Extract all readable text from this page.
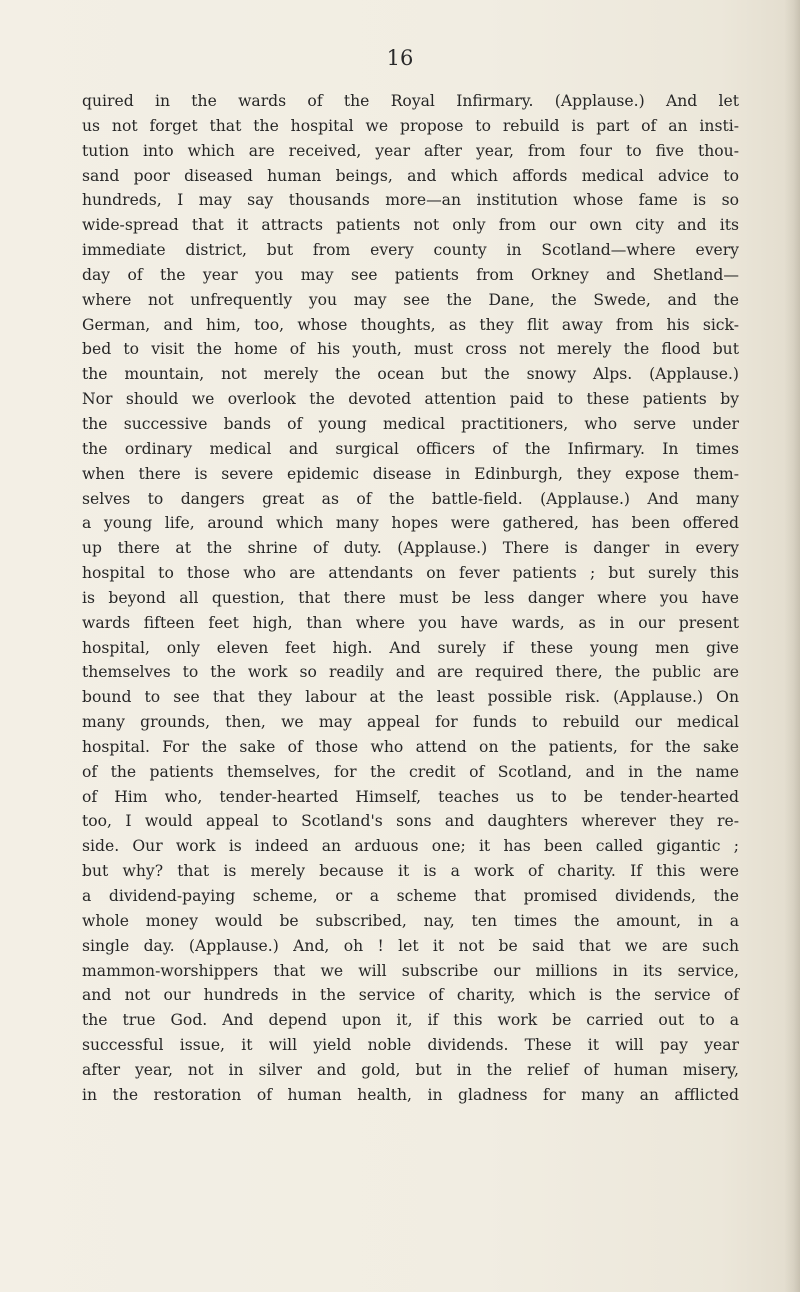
16

quired in the wards of the Royal Infirmary. (Applause.) And let
us not forget that the hospital we propose to rebuild is part of an insti-
tution into which are received, year after year, from four to five thou-
sand poor diseased human beings, and which affords medical advice to
hundreds, I may say thousands more—an institution whose fame is so
wide-spread that it attracts patients not only from our own city and its
immediate district, but from every county in Scotland—where every
day of the year you may see patients from Orkney and Shetland—
where not unfrequently you may see the Dane, the Swede, and the
German, and him, too, whose thoughts, as they flit away from his sick-
bed to visit the home of his youth, must cross not merely the flood but
the mountain, not merely the ocean but the snowy Alps. (Applause.)
Nor should we overlook the devoted attention paid to these patients by
the successive bands of young medical practitioners, who serve under
the ordinary medical and surgical officers of the Infirmary. In times
when there is severe epidemic disease in Edinburgh, they expose them-
selves to dangers great as of the battle-field. (Applause.) And many
a young life, around which many hopes were gathered, has been offered
up there at the shrine of duty. (Applause.) There is danger in every
hospital to those who are attendants on fever patients ; but surely this
is beyond all question, that there must be less danger where you have
wards fifteen feet high, than where you have wards, as in our present
hospital, only eleven feet high. And surely if these young men give
themselves to the work so readily and are required there, the public are
bound to see that they labour at the least possible risk. (Applause.) On
many grounds, then, we may appeal for funds to rebuild our medical
hospital. For the sake of those who attend on the patients, for the sake
of the patients themselves, for the credit of Scotland, and in the name
of Him who, tender-hearted Himself, teaches us to be tender-hearted
too, I would appeal to Scotland's sons and daughters wherever they re-
side. Our work is indeed an arduous one; it has been called gigantic ;
but why? that is merely because it is a work of charity. If this were
a dividend-paying scheme, or a scheme that promised dividends, the
whole money would be subscribed, nay, ten times the amount, in a
single day. (Applause.) And, oh ! let it not be said that we are such
mammon-worshippers that we will subscribe our millions in its service,
and not our hundreds in the service of charity, which is the service of
the true God. And depend upon it, if this work be carried out to a
successful issue, it will yield noble dividends. These it will pay year
after year, not in silver and gold, but in the relief of human misery,
in the restoration of human health, in gladness for many an afflicted
